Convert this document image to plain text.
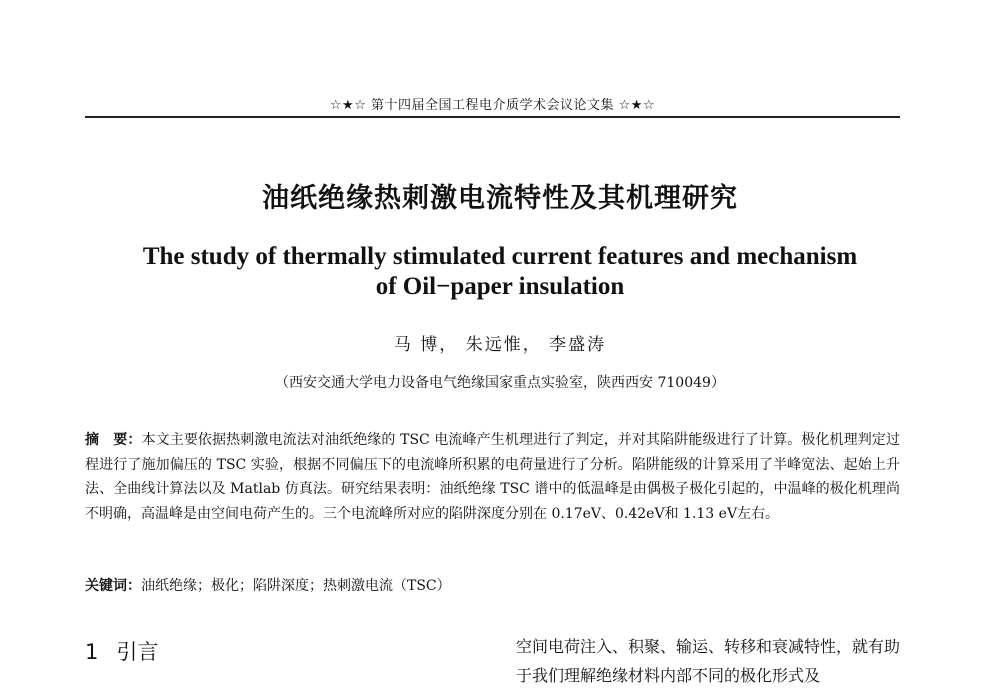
☆★☆ 第十四届全国工程电介质学术会议论文集 ☆★☆
油纸绝缘热刺激电流特性及其机理研究
The study of thermally stimulated current features and mechanism
of Oil−paper insulation
马 博， 朱远惟， 李盛涛
（西安交通大学电力设备电气绝缘国家重点实验室，陕西西安 710049）
摘　要：本文主要依据热刺激电流法对油纸绝缘的 TSC 电流峰产生机理进行了判定，并对其陷阱能级进行了计算。极化机理判定过程进行了施加偏压的 TSC 实验，根据不同偏压下的电流峰所积累的电荷量进行了分析。陷阱能级的计算采用了半峰宽法、起始上升法、全曲线计算法以及 Matlab 仿真法。研究结果表明：油纸绝缘 TSC 谱中的低温峰是由偶极子极化引起的，中温峰的极化机理尚不明确，高温峰是由空间电荷产生的。三个电流峰所对应的陷阱深度分别在 0.17eV、0.42eV和 1.13 eV左右。
关键词：油纸绝缘；极化；陷阱深度；热刺激电流（TSC）
1 引言	空间电荷注入、积聚、输运、转移和衰减特性，就有助于我们理解绝缘材料内部不同的极化形式及
